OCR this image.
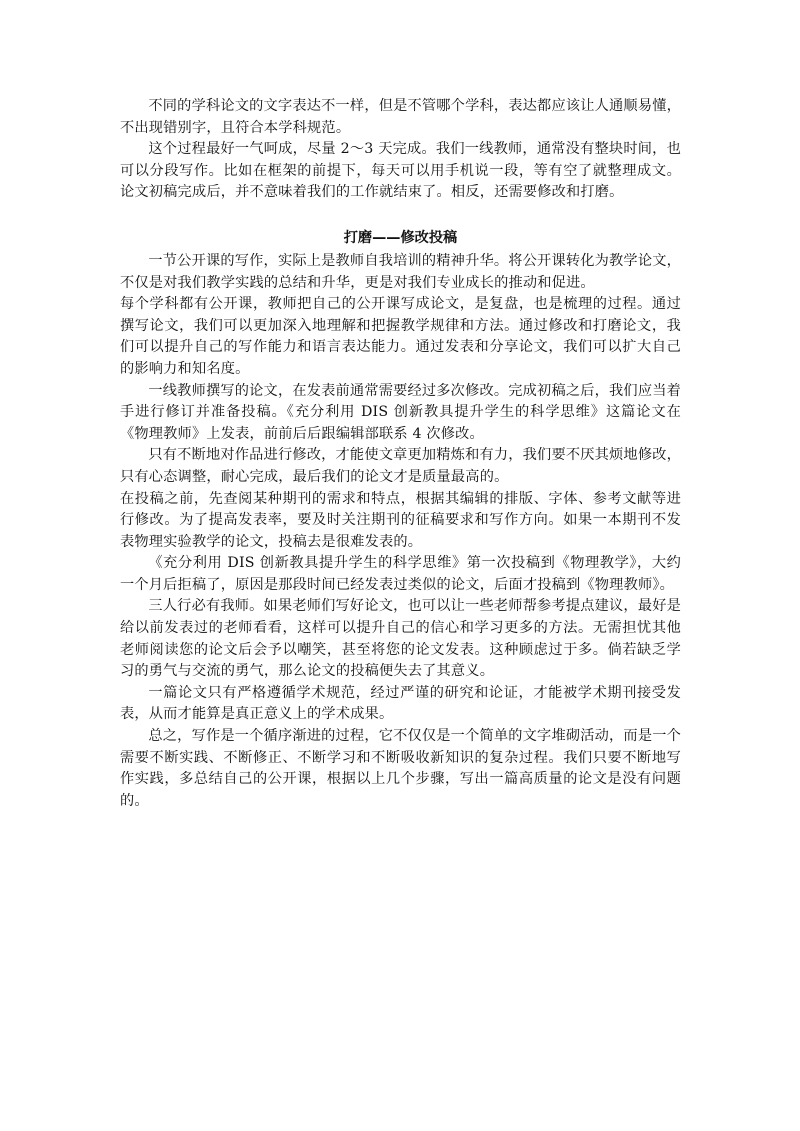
不同的学科论文的文字表达不一样，但是不管哪个学科，表达都应该让人通顺易懂，不出现错别字，且符合本学科规范。

这个过程最好一气呵成，尽量 2～3 天完成。我们一线教师，通常没有整块时间，也可以分段写作。比如在框架的前提下，每天可以用手机说一段，等有空了就整理成文。论文初稿完成后，并不意味着我们的工作就结束了。相反，还需要修改和打磨。

打磨——修改投稿

一节公开课的写作，实际上是教师自我培训的精神升华。将公开课转化为教学论文，不仅是对我们教学实践的总结和升华，更是对我们专业成长的推动和促进。

每个学科都有公开课，教师把自己的公开课写成论文，是复盘，也是梳理的过程。通过撰写论文，我们可以更加深入地理解和把握教学规律和方法。通过修改和打磨论文，我们可以提升自己的写作能力和语言表达能力。通过发表和分享论文，我们可以扩大自己的影响力和知名度。

一线教师撰写的论文，在发表前通常需要经过多次修改。完成初稿之后，我们应当着手进行修订并准备投稿。《充分利用 DIS 创新教具提升学生的科学思维》这篇论文在《物理教师》上发表，前前后后跟编辑部联系 4 次修改。

只有不断地对作品进行修改，才能使文章更加精炼和有力，我们要不厌其烦地修改，只有心态调整，耐心完成，最后我们的论文才是质量最高的。

在投稿之前，先查阅某种期刊的需求和特点，根据其编辑的排版、字体、参考文献等进行修改。为了提高发表率，要及时关注期刊的征稿要求和写作方向。如果一本期刊不发表物理实验教学的论文，投稿去是很难发表的。

《充分利用 DIS 创新教具提升学生的科学思维》第一次投稿到《物理教学》，大约一个月后拒稿了，原因是那段时间已经发表过类似的论文，后面才投稿到《物理教师》。

三人行必有我师。如果老师们写好论文，也可以让一些老师帮参考提点建议，最好是给以前发表过的老师看看，这样可以提升自己的信心和学习更多的方法。无需担忧其他老师阅读您的论文后会予以嘲笑，甚至将您的论文发表。这种顾虑过于多。倘若缺乏学习的勇气与交流的勇气，那么论文的投稿便失去了其意义。

一篇论文只有严格遵循学术规范，经过严谨的研究和论证，才能被学术期刊接受发表，从而才能算是真正意义上的学术成果。

总之，写作是一个循序渐进的过程，它不仅仅是一个简单的文字堆砌活动，而是一个需要不断实践、不断修正、不断学习和不断吸收新知识的复杂过程。我们只要不断地写作实践，多总结自己的公开课，根据以上几个步骤，写出一篇高质量的论文是没有问题的。
